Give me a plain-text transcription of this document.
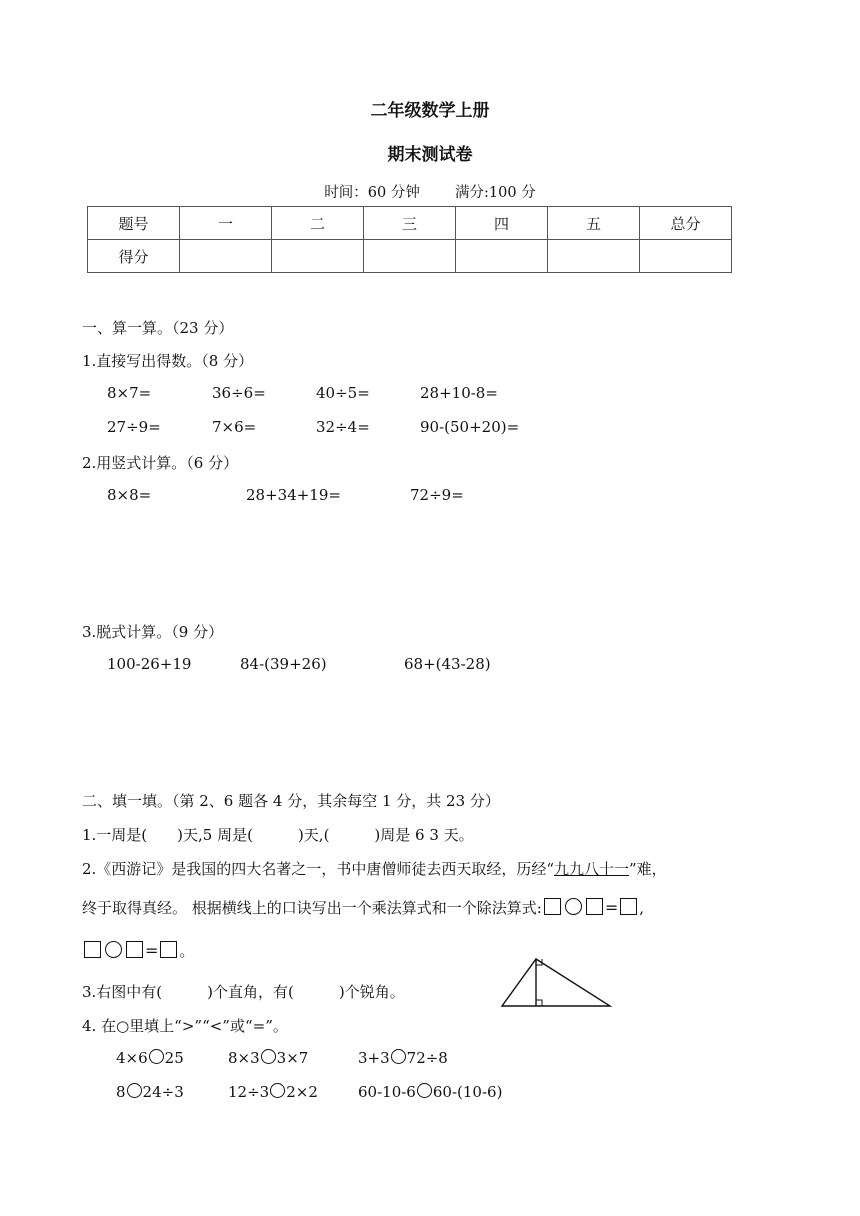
二年级数学上册
期末测试卷
时间：60 分钟 满分:100 分
题号	一	二	三	四	五	总分
得分						
一、算一算。（23 分）
1.直接写出得数。（8 分）
8×7=	36÷6=	40÷5=	28+10-8=
27÷9=	7×6=	32÷4=	90-(50+20)=
2.用竖式计算。（6 分）
8×8=	28+34+19=	72÷9=
3.脱式计算。（9 分）
100-26+19	84-(39+26)	68+(43-28)
二、填一填。（第 2、6 题各 4 分，其余每空 1 分，共 23 分）
1.一周是(　　)天,5 周是(　　　)天,(　　　)周是 6 3 天。
2.《西游记》是我国的四大名著之一，书中唐僧师徒去西天取经，历经“九九八十一”难，
终于取得真经。 根据横线上的口诀写出一个乘法算式和一个除法算式:	= ,
= 。
3.右图中有(　　　)个直角，有(　　　)个锐角。
4. 在○里填上“>”“<”或“=”。
4×6 25	8×3 3×7	3+3 72÷8
8 24÷3	12÷3 2×2	60-10-6 60-(10-6)
